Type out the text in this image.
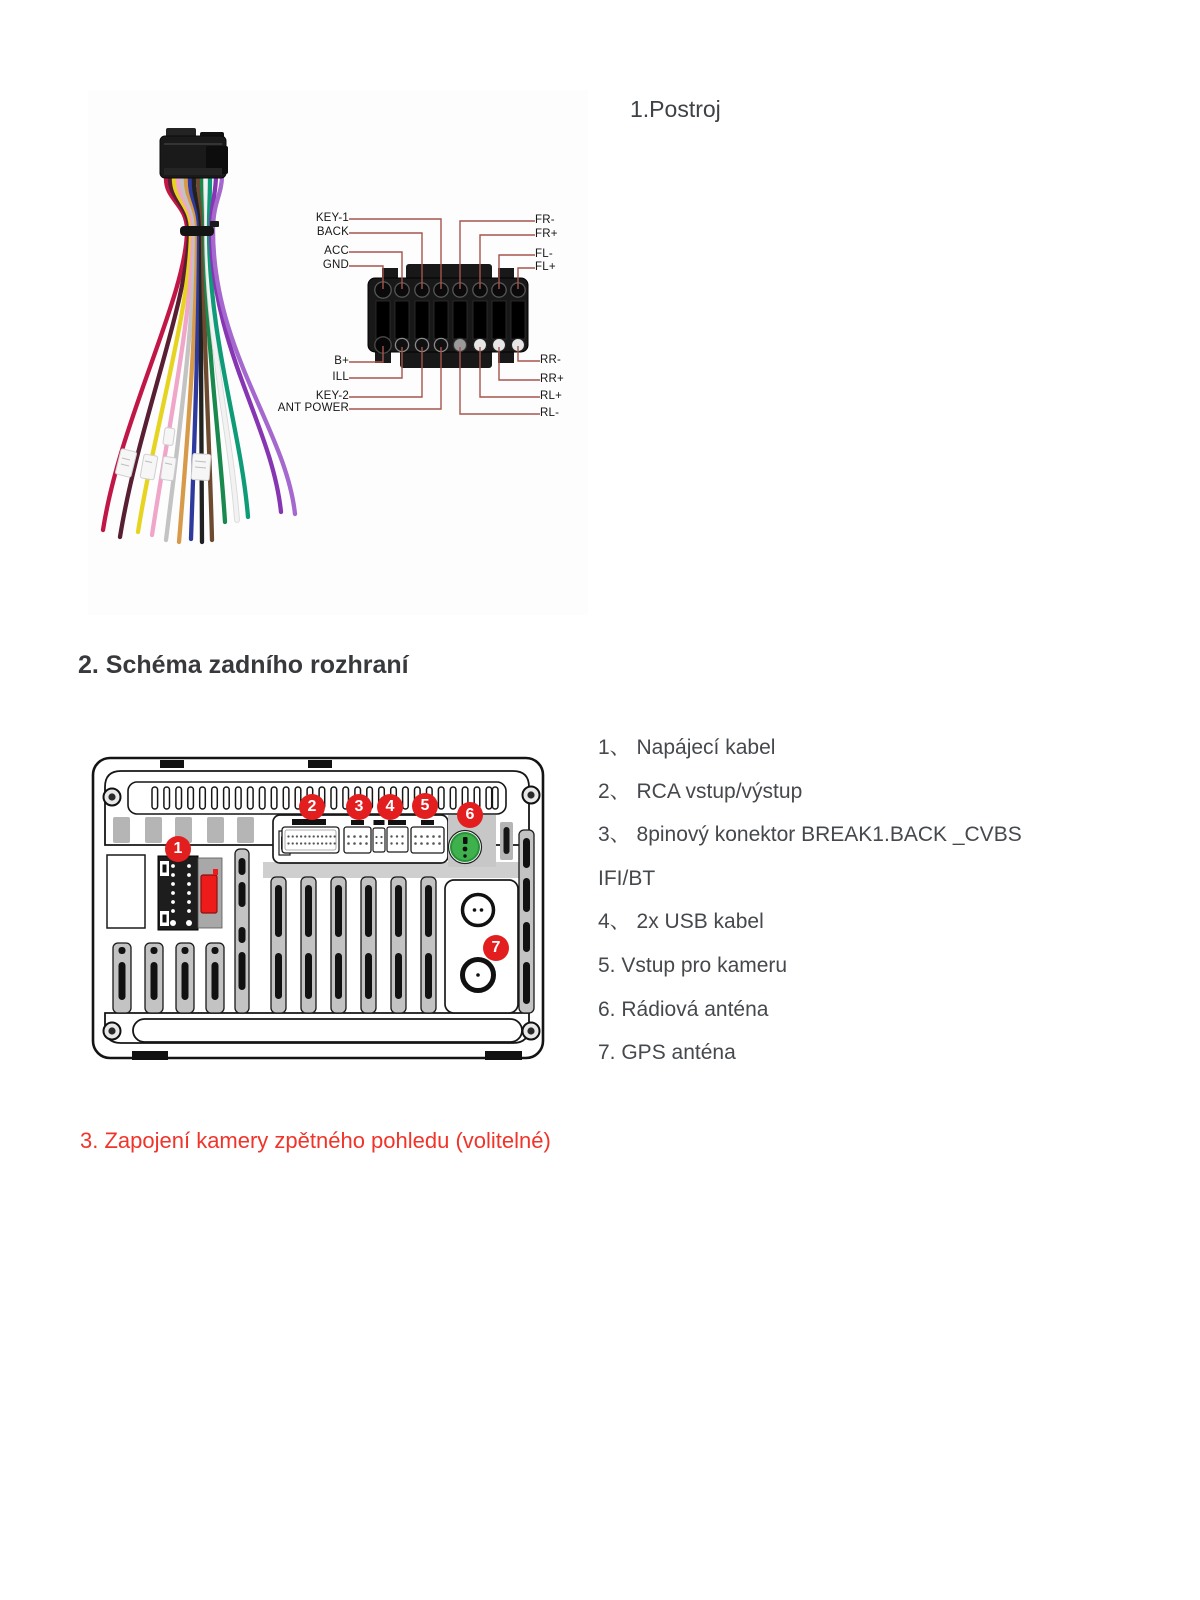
1.Postroj
KEY-1
BACK
ACC
GND
FR-
FR+
FL-
FL+
B+
ILL
KEY-2
ANT POWER
RR-
RR+
RL+
RL-
2. Schéma zadního rozhraní
1
2	3	4	5
6
7
1、 Napájecí kabel
2、 RCA vstup/výstup
3、 8pinový konektor BREAK1.BACK _CVBS
IFI/BT
4、 2x USB kabel
5. Vstup pro kameru
6. Rádiová anténa
7. GPS anténa
3. Zapojení kamery zpětného pohledu (volitelné)
